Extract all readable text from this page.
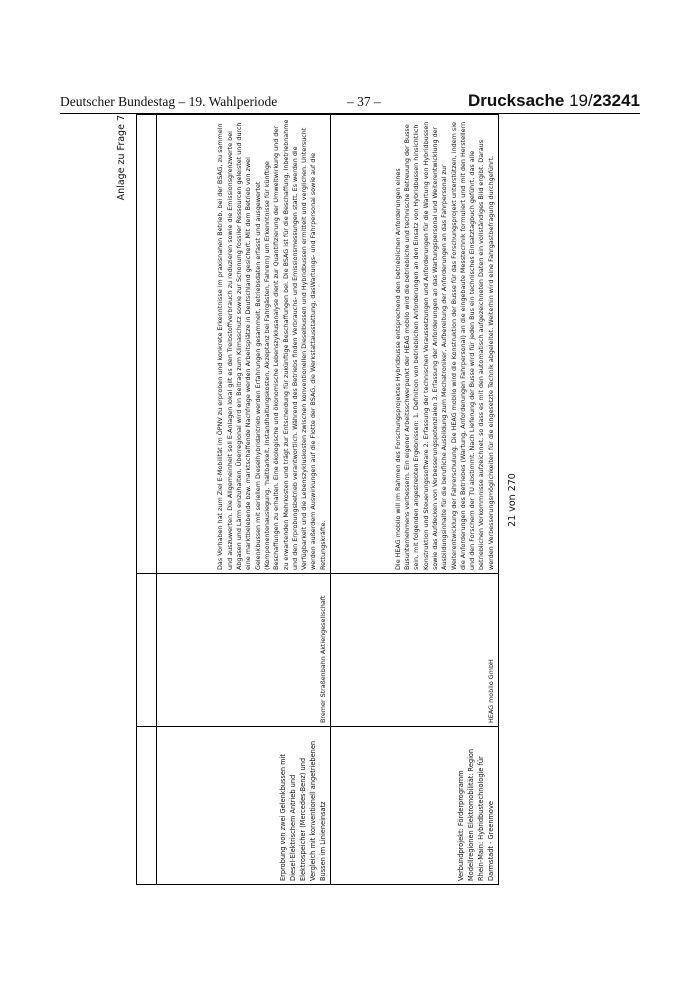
Deutscher Bundestag – 19. Wahlperiode	– 37 –	Drucksache 19/23241
Anlage zu Frage 7

Erprobung von zwei Gelenkbussen mit Diesel-Elektrischem Antrieb und Elektrospeicher (Mercedes-Benz) und Vergleich mit konventionell angetriebenen Bussen im Linieneinsatz	Bremer Straßenbahn Aktiengesellschaft	Das Vorhaben hat zum Ziel E-Mobilität im ÖPNV zu erproben und konkrete Erkenntnisse im praxisnahen Betrieb, bei der BSAG, zu sammeln und auszuwerten. Die Allgemeinheit soll E-Anlagen lokal gilt es den Treibstoffverbrauch zu reduzieren sowie die Emissionsgrenzwerte bei Abgasen und Lärm einzuhalten. Überregional wird ein Beitrag zum Klimaschutz sowie zur Schonung fossiler Ressourcen geleistet und durch eine marktbelebende bzw. marktschaffende Nachfrage werden Arbeitsplätze in Deutschland gesichert. Mit dem Betrieb von zwei Gelenkbussen mit seriellem Dieselhybridantrieb werden Erfahrungen gesammelt, Betriebsdaten erfasst und ausgewertet (Komponentenauslegung, 'haltbarkeit, Instandhaltungskosten, Akzeptanz bei Fahrgästen, Fahrern) um Erkenntnisse für künftige Beschaffungen zu erhalten. Eine ökologische und ökonomische Lebenszyklusanalyse dient zur Quantifizierung der Umweltwirkung und der zu erwartenden Mehrkosten und trägt zur Entscheidung für zukünftige Beschaffungen bei. Die BSAG ist für die Beschaffung, Inbetriebnahme und den Erprobungsbetrieb verantwortlich. Während des Betriebs finden Verbrauchs- und Emissionsmessungen statt. Es werden die Verfügbarkeit und die Lebenszykluskosten zwischen konventionellen Dieselbussen und Hybridbussen ermittelt und verglichen. Untersucht werden außerdem Auswirkungen auf die Flotte der BSAG, die Werkstattausstattung, dasWartungs- und Fahrpersonal sowie auf die Rettungskräfte.
Verbundprojekt: Förderprogramm Modellregionen Elektromobilität: Region Rhein-Main: Hybridbustechnologie für Darmstadt - Greenmove	HEAG mobilo GmbH	Die HEAG mobilo will im Rahmen des Forschungsprojektes Hybridbusse entsprechend den betrieblichen Anforderungen eines Busunternehmens verbessern. Ein eigener Arbeitsschwerpunkt der HEAG mobilo wird die betriebliche und technische Betreuung der Busse sein, mit folgenden angestrebten Ergebnissen: 1. Definition von betrieblichen Anforderungen an den Einsatz von Hybridbussen hinsichtlich Konstruktion und Steuerungssoftware 2. Erfassung der technischen Voraussetzungen und Anforderungen für die Wartung von Hybridbussen sowie das Aufdecken von Verbesserungspotenzialen 3. Erfassung der Anforderungen an das Wartungspersonal und Weiterentwicklung der Ausbildungsinhalte für die berufliche Ausbildung zum Mechatroniker, Aufbereitung der Anforderungen an das Fahrpersonal zur Weiterentwicklung der Fahrerschulung. Die HEAG mobilo wird die Konstruktion der Busse für das Forschungsprojekt unterstützen, indem sie die Anforderungen des Betriebes (Wartung, Anforderungen Fahrpersonal) an die eingebaute Messtechnik formuliert und mit den Herstellern und den Forschern der TU abstimmt. Nach Lieferung der Busse wird für jeden Bus ein technisches Einsatztagbuch geführt, das alle betrieblichen Vorkommnisse aufzeichnet, so dass es mit den automatisch aufgezeichneten Daten ein vollständiges Bild ergibt. Daraus werden Verbesserungsmöglichkeiten für die eingesetzte Technik abgeleitet. Weiterhin wird eine Fahrgastbefragung durchgeführt. 21 von 270
